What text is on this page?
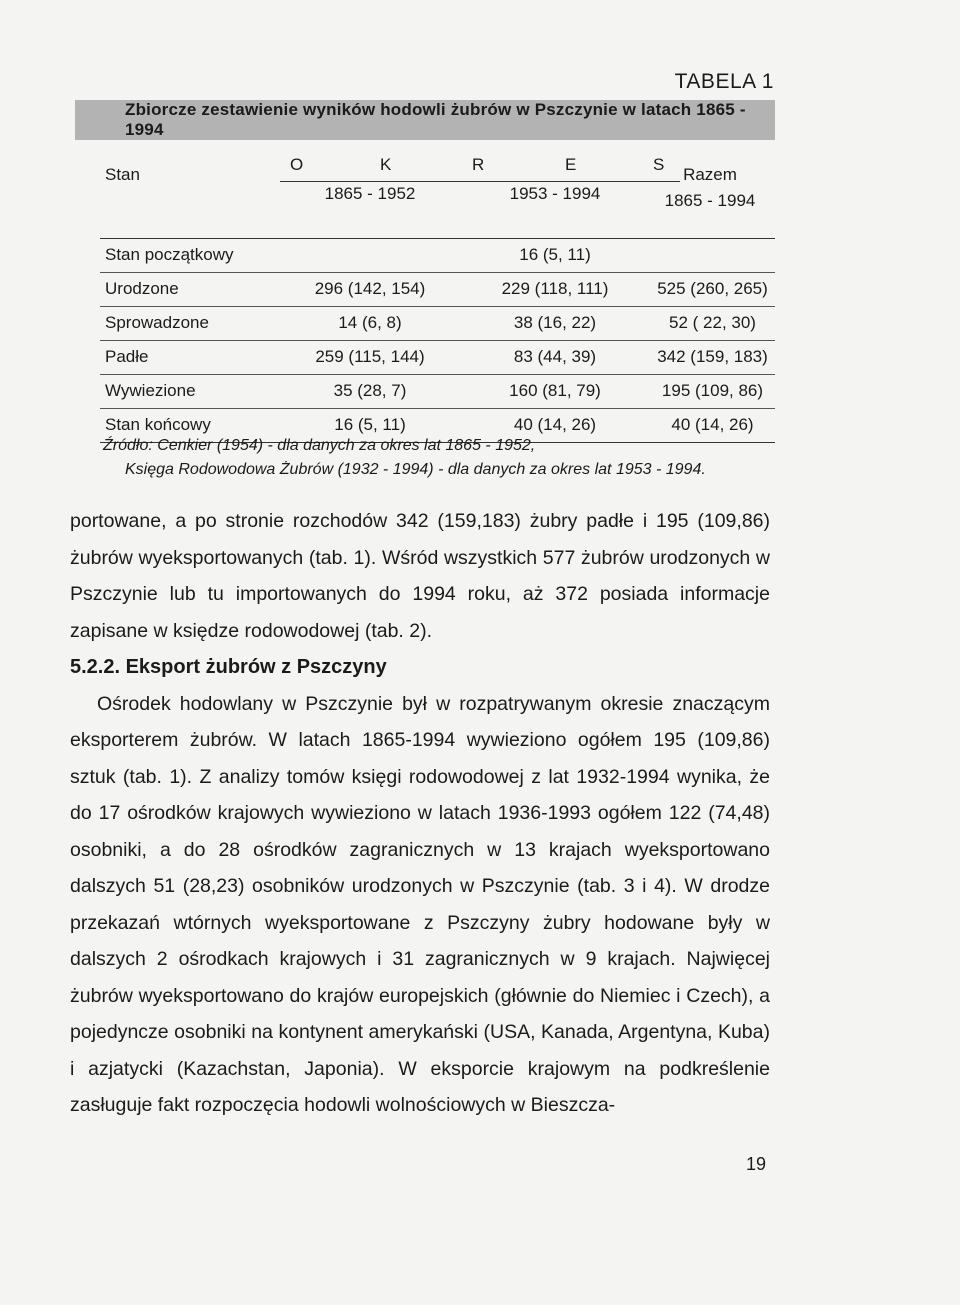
TABELA 1
Zbiorcze zestawienie wyników hodowli żubrów w Pszczynie w latach 1865 - 1994
Stan
O	K	R	E	S
1865 - 1952	1953 - 1994
Razem
1865 - 1994
Stan początkowy	16 (5, 11)
Urodzone	296 (142, 154)	229 (118, 111)	525 (260, 265)
Sprowadzone	14 (6, 8)	38 (16, 22)	52 ( 22, 30)
Padłe	259 (115, 144)	83 (44, 39)	342 (159, 183)
Wywiezione	35 (28, 7)	160 (81, 79)	195 (109, 86)
Stan końcowy	16 (5, 11)	40 (14, 26)	40 (14, 26)
Źródło: Cenkier (1954) - dla danych za okres lat 1865 - 1952,
Księga Rodowodowa Żubrów (1932 - 1994) - dla danych za okres lat 1953 - 1994.

portowane, a po stronie rozchodów 342 (159,183) żubry padłe i 195 (109,86) żubrów wyeksportowanych (tab. 1). Wśród wszystkich 577 żubrów urodzonych w Pszczynie lub tu importowanych do 1994 roku, aż 372 posiada informacje zapisane w księdze rodowodowej (tab. 2).

5.2.2. Eksport żubrów z Pszczyny

Ośrodek hodowlany w Pszczynie był w rozpatrywanym okresie znaczącym eksporterem żubrów. W latach 1865-1994 wywieziono ogółem 195 (109,86) sztuk (tab. 1). Z analizy tomów księgi rodowodowej z lat 1932-1994 wynika, że do 17 ośrodków krajowych wywieziono w latach 1936-1993 ogółem 122 (74,48) osobniki, a do 28 ośrodków zagranicznych w 13 krajach wyeksportowano dalszych 51 (28,23) osobników urodzonych w Pszczynie (tab. 3 i 4). W drodze przekazań wtórnych wyeksportowane z Pszczyny żubry hodowane były w dalszych 2 ośrodkach krajowych i 31 zagranicznych w 9 krajach. Najwięcej żubrów wyeksportowano do krajów europejskich (głównie do Niemiec i Czech), a pojedyncze osobniki na kontynent amerykański (USA, Kanada, Argentyna, Kuba) i azjatycki (Kazachstan, Japonia). W eksporcie krajowym na podkreślenie zasługuje fakt rozpoczęcia hodowli wolnościowych w Bieszcza-

19
